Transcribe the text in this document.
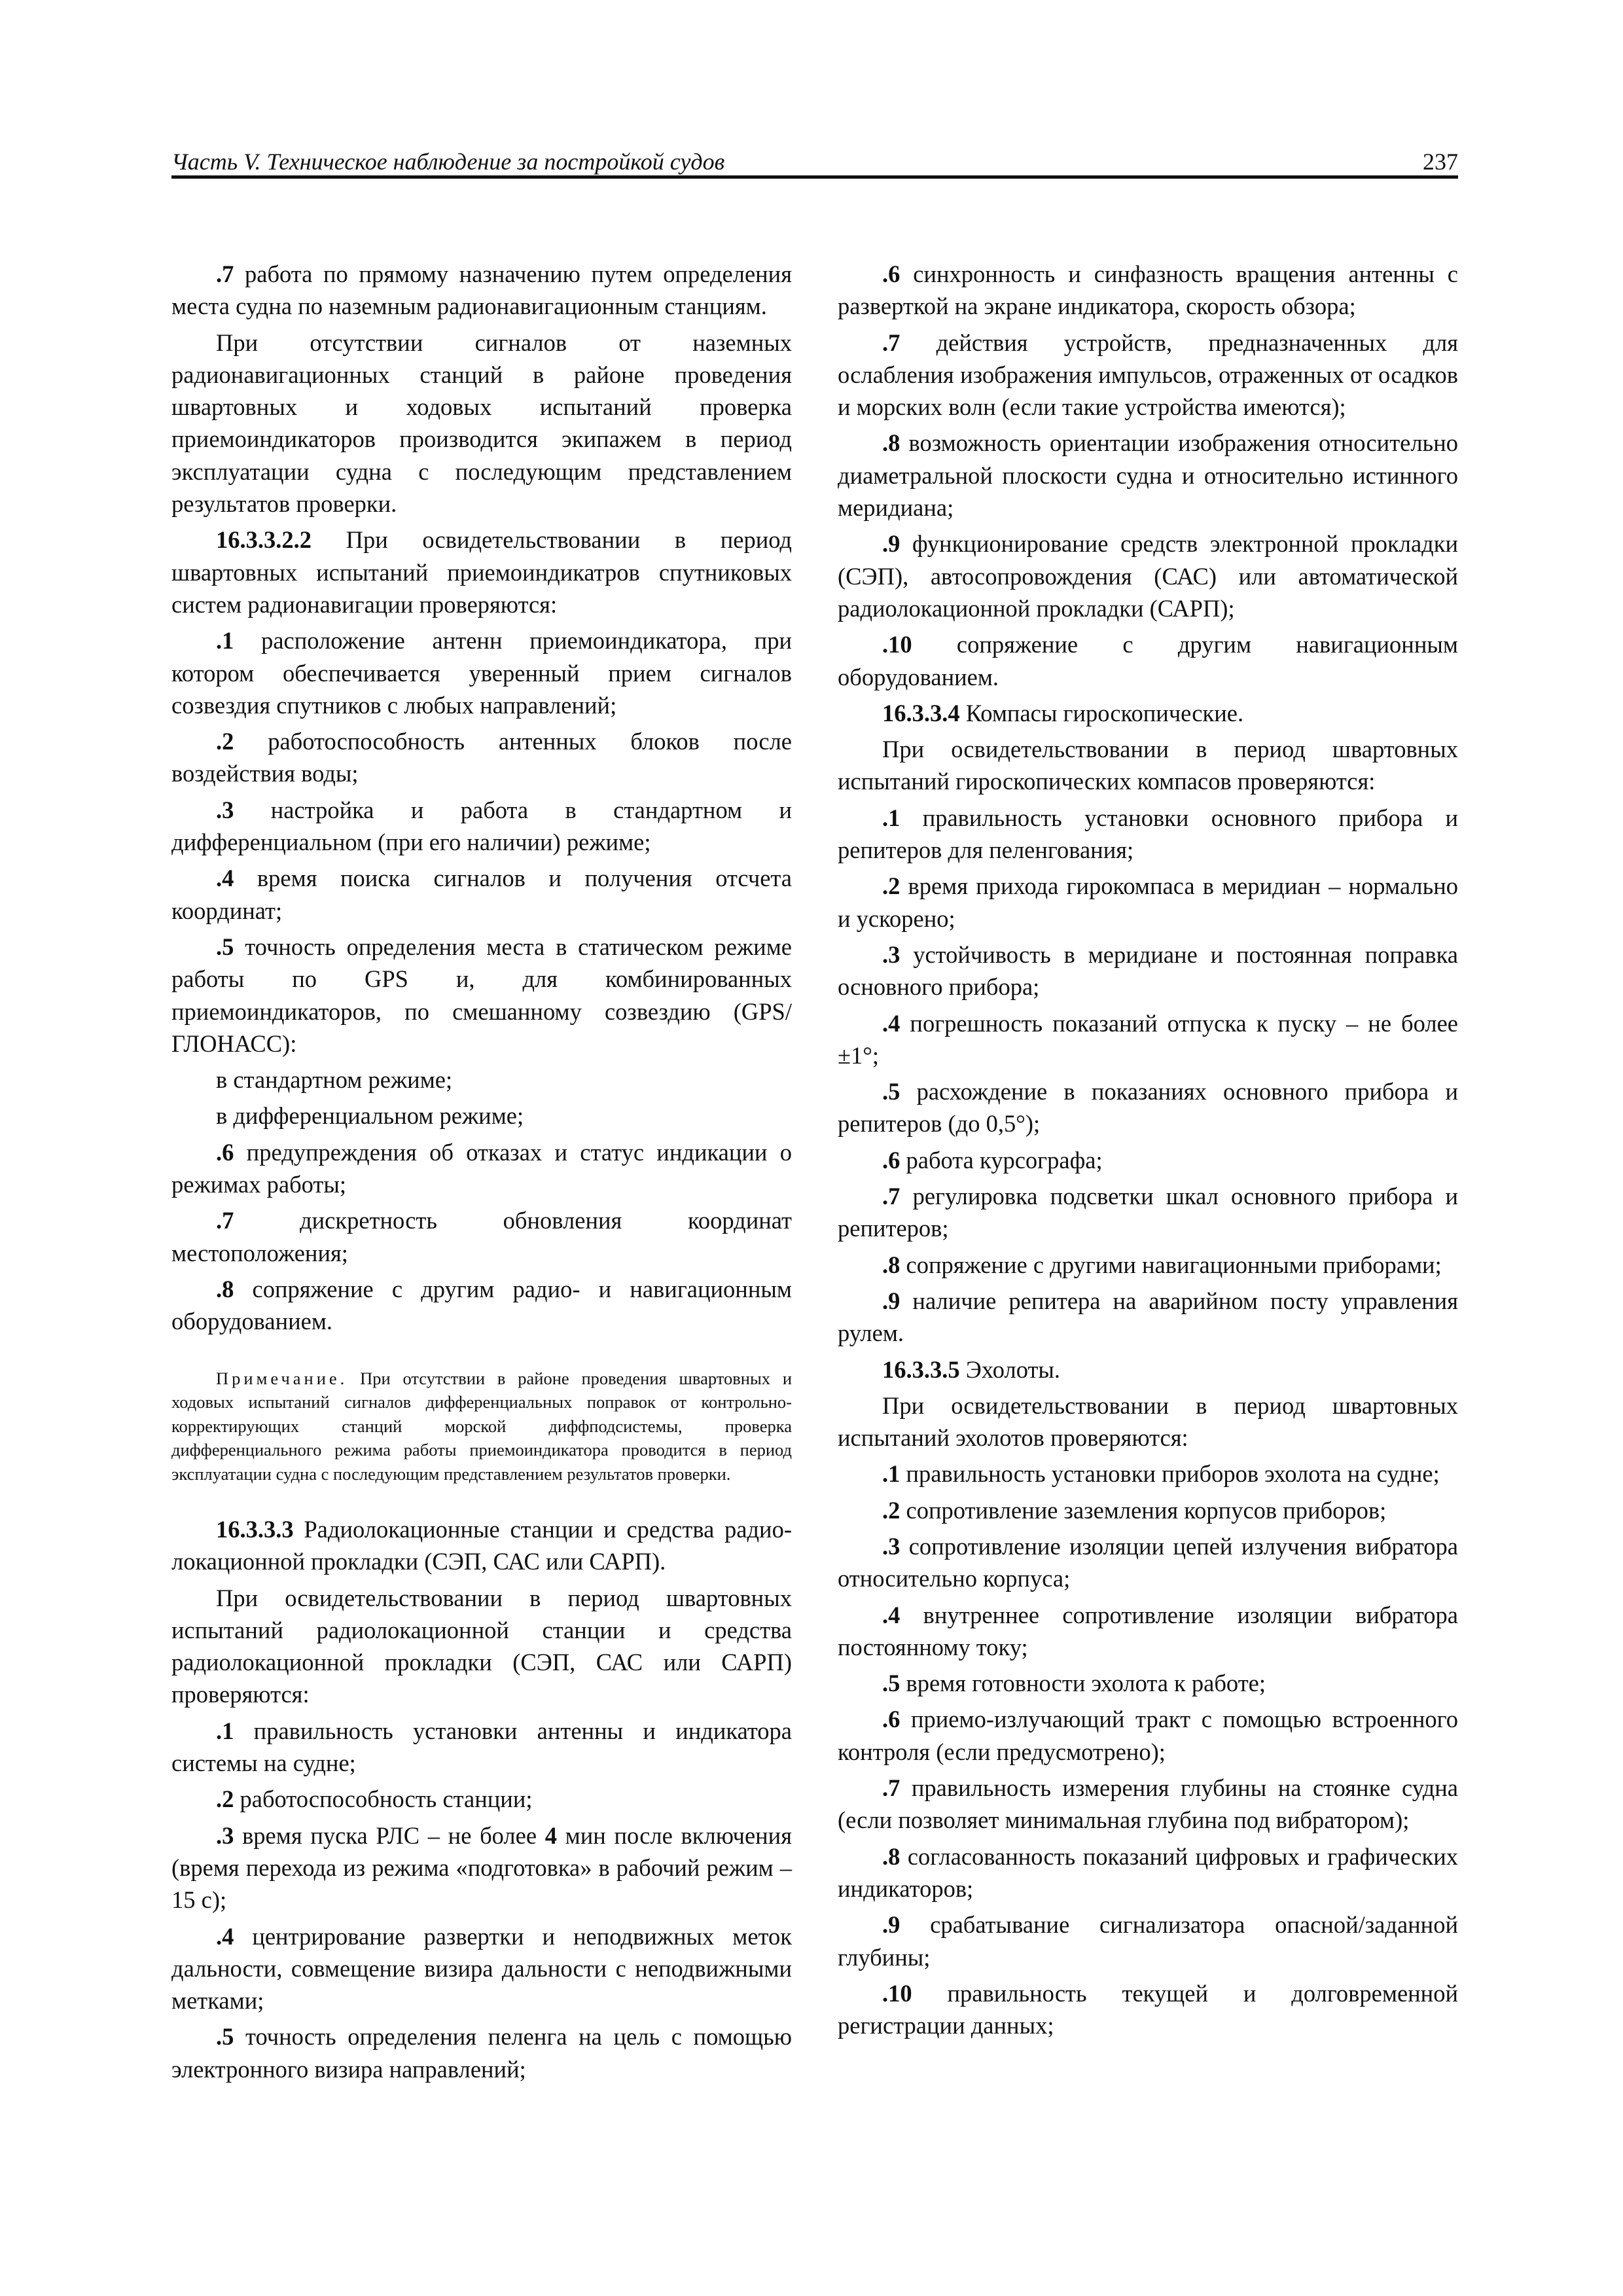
Часть V. Техническое наблюдение за постройкой судов	237

.7 работа по прямому назначению путем определения места судна по наземным радионавигационным станциям.

При отсутствии сигналов от наземных радионавигационных станций в районе проведения швартовных и ходовых испытаний проверка приемоиндикаторов производится экипажем в период эксплуатации судна с последующим представлением результатов проверки.

16.3.3.2.2 При освидетельствовании в период швартовных испытаний приемоиндикатров спутниковых систем радионавигации проверяются:

.1 расположение антенн приемоиндикатора, при котором обеспечивается уверенный прием сигналов созвездия спутников с любых направлений;

.2 работоспособность антенных блоков после воздействия воды;

.3 настройка и работа в стандартном и дифференциальном (при его наличии) режиме;

.4 время поиска сигналов и получения отсчета координат;

.5 точность определения места в статическом режиме работы по GPS и, для комбинированных приемоиндикаторов, по смешанному созвездию (GPS/ГЛОНАСС):

в стандартном режиме;

в дифференциальном режиме;

.6 предупреждения об отказах и статус индикации о режимах работы;

.7 дискретность обновления координат местоположения;

.8 сопряжение с другим радио- и навигационным оборудованием.

Примечание. При отсутствии в районе проведения швартовных и ходовых испытаний сигналов дифференциальных поправок от контрольно-корректирующих станций морской диффподсистемы, проверка дифференциального режима работы приемоиндикатора проводится в период эксплуатации судна с последующим представлением результатов проверки.

16.3.3.3 Радиолокационные станции и средства радио-локационной прокладки (СЭП, САС или САРП).

При освидетельствовании в период швартовных испытаний радиолокационной станции и средства радиолокационной прокладки (СЭП, САС или САРП) проверяются:

.1 правильность установки антенны и индикатора системы на судне;

.2 работоспособность станции;

.3 время пуска РЛС – не более 4 мин после включения (время перехода из режима «подготовка» в рабочий режим – 15 с);

.4 центрирование развертки и неподвижных меток дальности, совмещение визира дальности с неподвижными метками;

.5 точность определения пеленга на цель с помощью электронного визира направлений;

.6 синхронность и синфазность вращения антенны с разверткой на экране индикатора, скорость обзора;

.7 действия устройств, предназначенных для ослабления изображения импульсов, отраженных от осадков и морских волн (если такие устройства имеются);

.8 возможность ориентации изображения относительно диаметральной плоскости судна и относительно истинного меридиана;

.9 функционирование средств электронной прокладки (СЭП), автосопровождения (САС) или автоматической радиолокационной прокладки (САРП);

.10 сопряжение с другим навигационным оборудованием.

16.3.3.4 Компасы гироскопические.

При освидетельствовании в период швартовных испытаний гироскопических компасов проверяются:

.1 правильность установки основного прибора и репитеров для пеленгования;

.2 время прихода гирокомпаса в меридиан – нормально и ускорено;

.3 устойчивость в меридиане и постоянная поправка основного прибора;

.4 погрешность показаний отпуска к пуску – не более ±1°;

.5 расхождение в показаниях основного прибора и репитеров (до 0,5°);

.6 работа курсографа;

.7 регулировка подсветки шкал основного прибора и репитеров;

.8 сопряжение с другими навигационными приборами;

.9 наличие репитера на аварийном посту управления рулем.

16.3.3.5 Эхолоты.

При освидетельствовании в период швартовных испытаний эхолотов проверяются:

.1 правильность установки приборов эхолота на судне;

.2 сопротивление заземления корпусов приборов;

.3 сопротивление изоляции цепей излучения вибратора относительно корпуса;

.4 внутреннее сопротивление изоляции вибратора постоянному току;

.5 время готовности эхолота к работе;

.6 приемо-излучающий тракт с помощью встроенного контроля (если предусмотрено);

.7 правильность измерения глубины на стоянке судна (если позволяет минимальная глубина под вибратором);

.8 согласованность показаний цифровых и графических индикаторов;

.9 срабатывание сигнализатора опасной/заданной глубины;

.10 правильность текущей и долговременной регистрации данных;
